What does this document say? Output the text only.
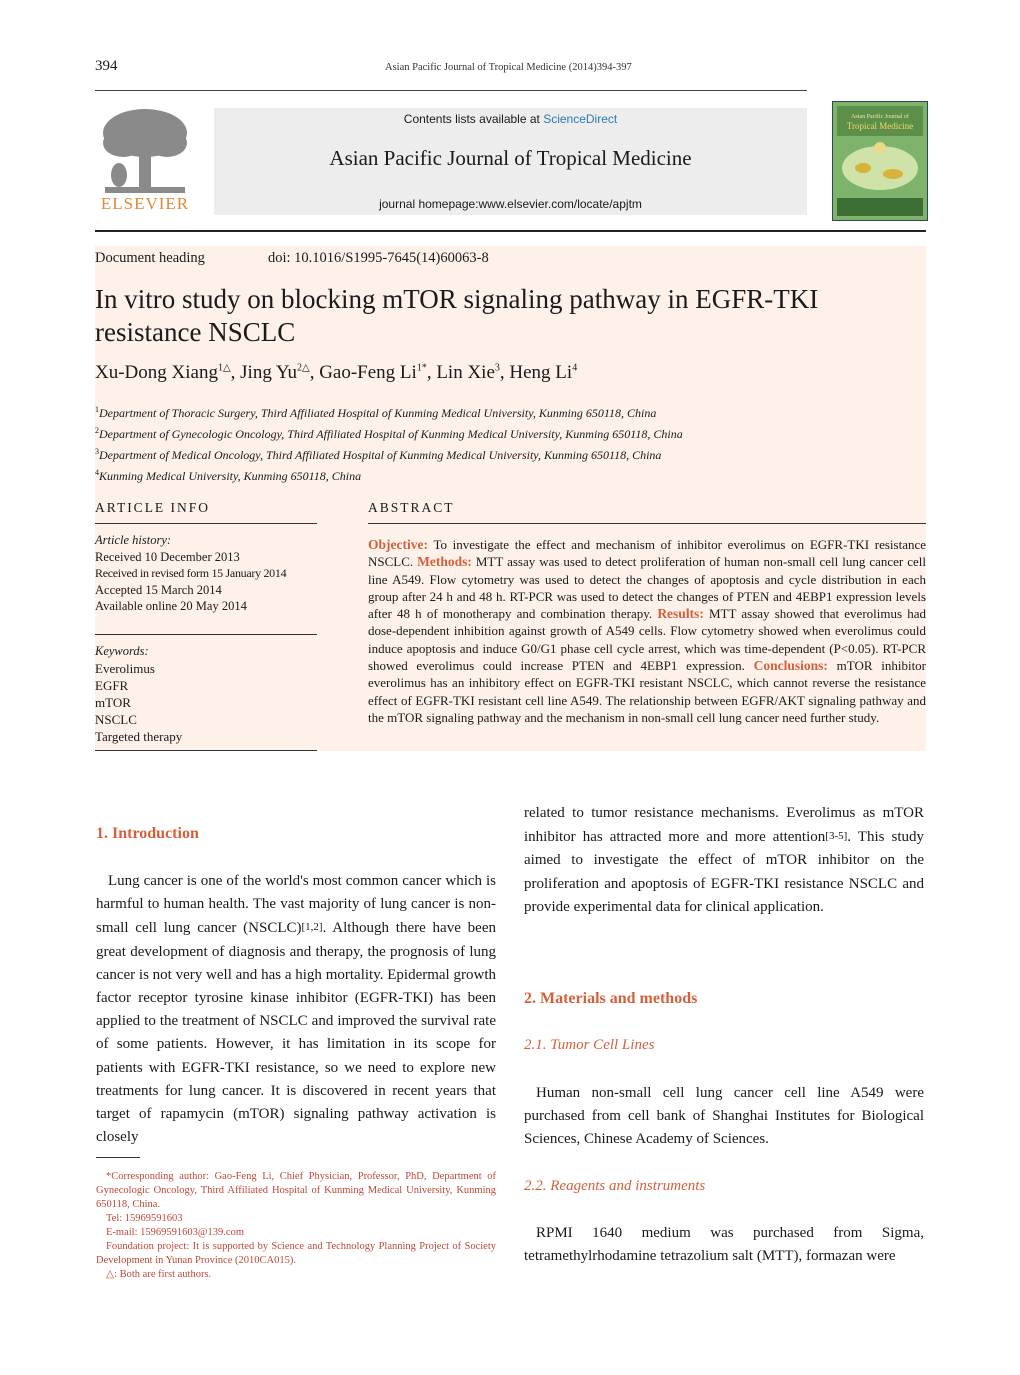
394	Asian Pacific Journal of Tropical Medicine (2014)394-397
ELSEVIER
Contents lists available at ScienceDirect
Asian Pacific Journal of Tropical Medicine
journal homepage:www.elsevier.com/locate/apjtm
Asian Pacific Journal of
Tropical Medicine
Document heading	doi: 10.1016/S1995-7645(14)60063-8
In vitro study on blocking mTOR signaling pathway in EGFR-TKI resistance NSCLC
Xu-Dong Xiang$^{1\triangle}$, Jing $Yu^{2\triangle}$, Gao-Feng $Li^{1*}$, Lin Xie$^3$, Heng Li$^4$
$^1$Department of Thoracic Surgery, Third Affiliated Hospital of Kunming Medical University, Kunming 650118, China
$^2$Department of Gynecologic Oncology, Third Affiliated Hospital of Kunming Medical University, Kunming 650118, China
$^3$Department of Medical Oncology, Third Affiliated Hospital of Kunming Medical University, Kunming 650118, China
$^4$Kunming Medical University, Kunming 650118, China
ARTICLE INFO
Article history:
Received 10 December 2013
Received in revised form 15 January 2014
Accepted 15 March 2014
Available online 20 May 2014
Keywords:
Everolimus
EGFR
mTOR
NSCLC
Targeted therapy
ABSTRACT
Objective: To investigate the effect and mechanism of inhibitor everolimus on EGFR-TKI resistance NSCLC. Methods: MTT assay was used to detect proliferation of human non-small cell lung cancer cell line A549. Flow cytometry was used to detect the changes of apoptosis and cycle distribution in each group after 24 h and 48 h. RT-PCR was used to detect the changes of PTEN and 4EBP1 expression levels after 48 h of monotherapy and combination therapy. Results: MTT assay showed that everolimus had dose-dependent inhibition against growth of A549 cells. Flow cytometry showed when everolimus could induce apoptosis and induce G0/G1 phase cell cycle arrest, which was time-dependent (P<0.05). RT-PCR showed everolimus could increase PTEN and 4EBP1 expression. Conclusions: mTOR inhibitor everolimus has an inhibitory effect on EGFR-TKI resistant NSCLC, which cannot reverse the resistance effect of EGFR-TKI resistant cell line A549. The relationship between EGFR/AKT signaling pathway and the mTOR signaling pathway and the mechanism in non-small cell lung cancer need further study.
1. Introduction
Lung cancer is one of the world's most common cancer which is harmful to human health. The vast majority of lung cancer is non-small cell lung cancer (NSCLC)[1,2]. Although there have been great development of diagnosis and therapy, the prognosis of lung cancer is not very well and has a high mortality. Epidermal growth factor receptor tyrosine kinase inhibitor (EGFR-TKI) has been applied to the treatment of NSCLC and improved the survival rate of some patients. However, it has limitation in its scope for patients with EGFR-TKI resistance, so we need to explore new treatments for lung cancer. It is discovered in recent years that target of rapamycin (mTOR) signaling pathway activation is closely
*Corresponding author: Gao-Feng Li, Chief Physician, Professor, PhD, Department of Gynecologic Oncology, Third Affiliated Hospital of Kunming Medical University, Kunming 650118, China.
Tel: 15969591603
E-mail: 15969591603@139.com
Foundation project: It is supported by Science and Technology Planning Project of Society Development in Yunan Province (2010CA015).
△: Both are first authors.
related to tumor resistance mechanisms. Everolimus as mTOR inhibitor has attracted more and more attention[3-5]. This study aimed to investigate the effect of mTOR inhibitor on the proliferation and apoptosis of EGFR-TKI resistance NSCLC and provide experimental data for clinical application.
2. Materials and methods
2.1. Tumor Cell Lines
Human non-small cell lung cancer cell line A549 were purchased from cell bank of Shanghai Institutes for Biological Sciences, Chinese Academy of Sciences.
2.2. Reagents and instruments
RPMI 1640 medium was purchased from Sigma, tetramethylrhodamine tetrazolium salt (MTT), formazan were
